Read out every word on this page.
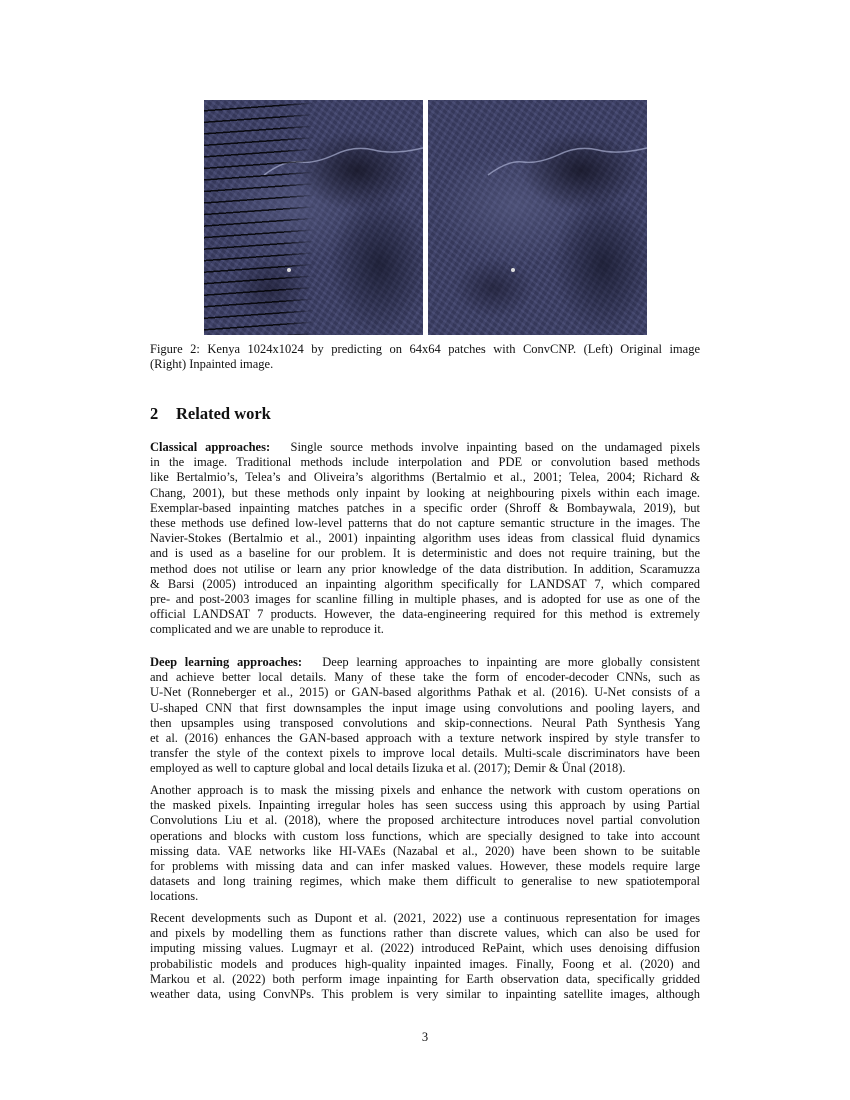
Figure 2: Kenya 1024x1024 by predicting on 64x64 patches with ConvCNP. (Left) Original image
(Right) Inpainted image.
2 Related work
Classical approaches:  Single source methods involve inpainting based on the undamaged pixels
in the image. Traditional methods include interpolation and PDE or convolution based methods
like Bertalmio’s, Telea’s and Oliveira’s algorithms (Bertalmio et al., 2001; Telea, 2004; Richard &
Chang, 2001), but these methods only inpaint by looking at neighbouring pixels within each image.
Exemplar-based inpainting matches patches in a specific order (Shroff & Bombaywala, 2019), but
these methods use defined low-level patterns that do not capture semantic structure in the images. The
Navier-Stokes (Bertalmio et al., 2001) inpainting algorithm uses ideas from classical fluid dynamics
and is used as a baseline for our problem. It is deterministic and does not require training, but the
method does not utilise or learn any prior knowledge of the data distribution. In addition, Scaramuzza
& Barsi (2005) introduced an inpainting algorithm specifically for LANDSAT 7, which compared
pre- and post-2003 images for scanline filling in multiple phases, and is adopted for use as one of the
official LANDSAT 7 products. However, the data-engineering required for this method is extremely
complicated and we are unable to reproduce it.
Deep learning approaches:  Deep learning approaches to inpainting are more globally consistent
and achieve better local details. Many of these take the form of encoder-decoder CNNs, such as
U-Net (Ronneberger et al., 2015) or GAN-based algorithms Pathak et al. (2016). U-Net consists of a
U-shaped CNN that first downsamples the input image using convolutions and pooling layers, and
then upsamples using transposed convolutions and skip-connections. Neural Path Synthesis Yang
et al. (2016) enhances the GAN-based approach with a texture network inspired by style transfer to
transfer the style of the context pixels to improve local details. Multi-scale discriminators have been
employed as well to capture global and local details Iizuka et al. (2017); Demir & Ünal (2018).
Another approach is to mask the missing pixels and enhance the network with custom operations on
the masked pixels. Inpainting irregular holes has seen success using this approach by using Partial
Convolutions Liu et al. (2018), where the proposed architecture introduces novel partial convolution
operations and blocks with custom loss functions, which are specially designed to take into account
missing data. VAE networks like HI-VAEs (Nazabal et al., 2020) have been shown to be suitable
for problems with missing data and can infer masked values. However, these models require large
datasets and long training regimes, which make them difficult to generalise to new spatiotemporal
locations.
Recent developments such as Dupont et al. (2021, 2022) use a continuous representation for images
and pixels by modelling them as functions rather than discrete values, which can also be used for
imputing missing values. Lugmayr et al. (2022) introduced RePaint, which uses denoising diffusion
probabilistic models and produces high-quality inpainted images. Finally, Foong et al. (2020) and
Markou et al. (2022) both perform image inpainting for Earth observation data, specifically gridded
weather data, using ConvNPs. This problem is very similar to inpainting satellite images, although
3
